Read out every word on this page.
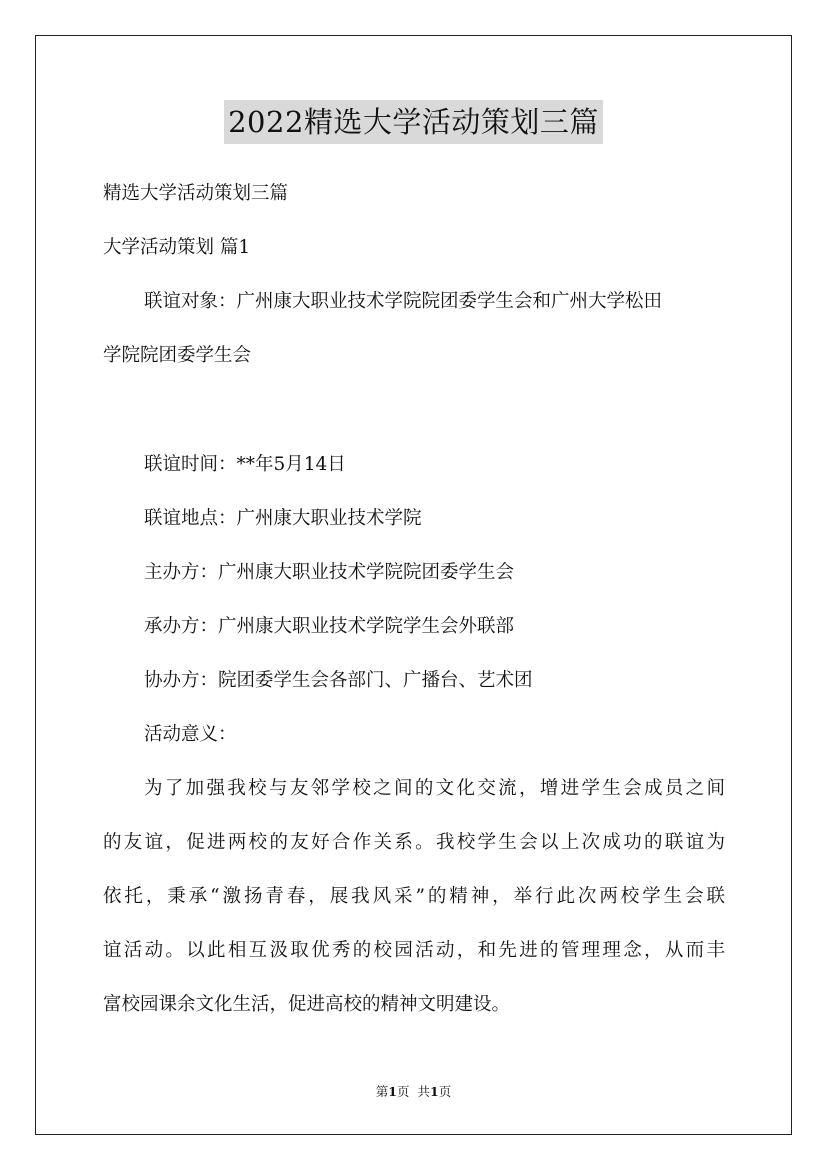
2022精选大学活动策划三篇
精选大学活动策划三篇
大学活动策划 篇1
联谊对象：广州康大职业技术学院院团委学生会和广州大学松田
学院院团委学生会
联谊时间：**年5月14日
联谊地点：广州康大职业技术学院
主办方：广州康大职业技术学院院团委学生会
承办方：广州康大职业技术学院学生会外联部
协办方：院团委学生会各部门、广播台、艺术团
活动意义：
为了加强我校与友邻学校之间的文化交流，增进学生会成员之间
的友谊，促进两校的友好合作关系。我校学生会以上次成功的联谊为
依托，秉承“激扬青春，展我风采”的精神，举行此次两校学生会联
谊活动。以此相互汲取优秀的校园活动，和先进的管理理念，从而丰
富校园课余文化生活，促进高校的精神文明建设。
第1页 共1页
